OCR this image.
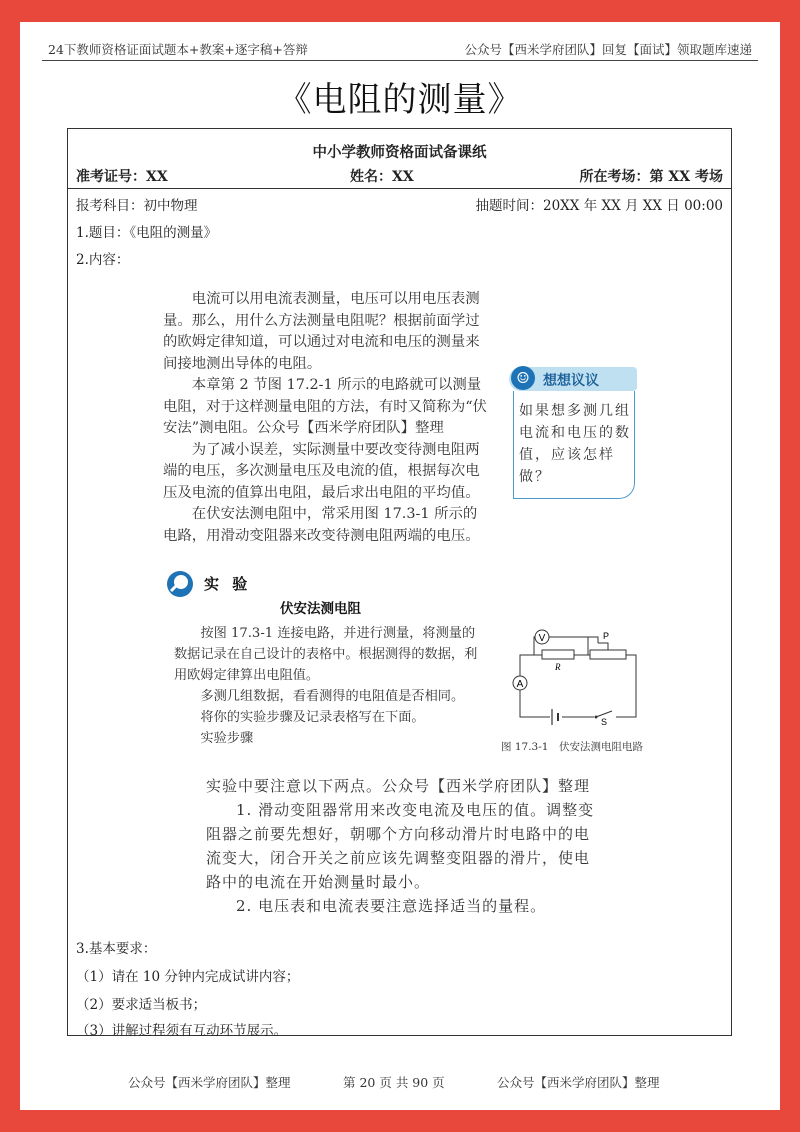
24下教师资格证面试题本+教案+逐字稿+答辩	公众号【西米学府团队】回复【面试】领取题库速递
《电阻的测量》
中小学教师资格面试备课纸
准考证号：XX	姓名：XX	所在考场：第 XX 考场
报考科目：初中物理	抽题时间：20XX 年 XX 月 XX 日 00:00
1.题目：《电阻的测量》
2.内容：

电流可以用电流表测量，电压可以用电压表测量。那么，用什么方法测量电阻呢？根据前面学过的欧姆定律知道，可以通过对电流和电压的测量来间接地测出导体的电阻。

本章第 2 节图 17.2-1 所示的电路就可以测量电阻，对于这样测量电阻的方法，有时又简称为“伏安法”测电阻。公众号【西米学府团队】整理

为了减小误差，实际测量中要改变待测电阻两端的电压，多次测量电压及电流的值，根据每次电压及电流的值算出电阻，最后求出电阻的平均值。

在伏安法测电阻中，常采用图 17.3-1 所示的电路，用滑动变阻器来改变待测电阻两端的电压。

☺ 想想议议
如果想多测几组电流和电压的数值，应该怎样做？
实 验
伏安法测电阻

按图 17.3-1 连接电路，并进行测量，将测量的数据记录在自己设计的表格中。根据测得的数据，利用欧姆定律算出电阻值。

多测几组数据，看看测得的电阻值是否相同。

将你的实验步骤及记录表格写在下面。

实验步骤

V
A
R
P
S
图 17.3-1　伏安法测电阻电路

实验中要注意以下两点。公众号【西米学府团队】整理

1. 滑动变阻器常用来改变电流及电压的值。调整变阻器之前要先想好，朝哪个方向移动滑片时电路中的电流变大，闭合开关之前应该先调整变阻器的滑片，使电路中的电流在开始测量时最小。

2. 电压表和电流表要注意选择适当的量程。

3.基本要求：
（1）请在 10 分钟内完成试讲内容；
（2）要求适当板书；
（3）讲解过程须有互动环节展示。
公众号【西米学府团队】整理	第 20 页 共 90 页	公众号【西米学府团队】整理
